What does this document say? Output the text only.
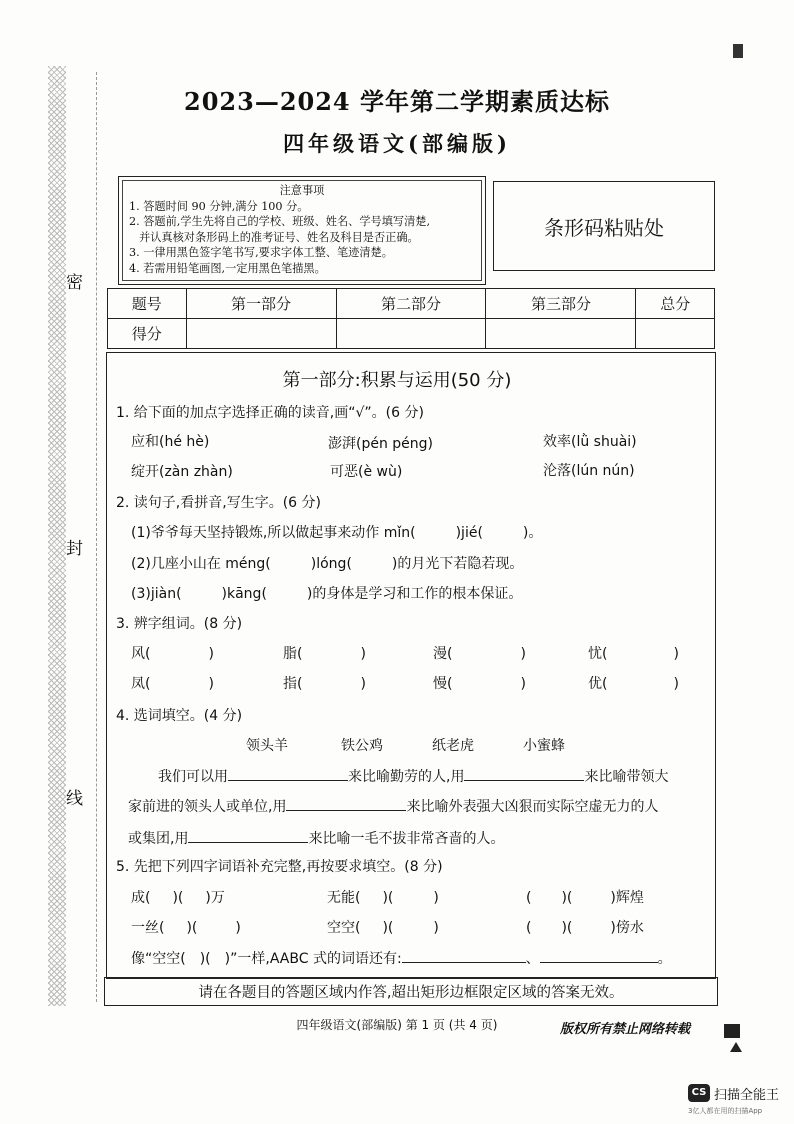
密
封
线
2023—2024 学年第二学期素质达标
四年级语文(部编版)
注意事项
1. 答题时间 90 分钟,满分 100 分。
2. 答题前,学生先将自己的学校、班级、姓名、学号填写清楚,
并认真核对条形码上的准考证号、姓名及科目是否正确。
3. 一律用黑色签字笔书写,要求字体工整、笔迹清楚。
4. 若需用铅笔画图,一定用黑色笔描黑。
条形码粘贴处
题号	第一部分	第二部分	第三部分	总分
得分				
第一部分:积累与运用(50 分)
1. 给下面的加点字选择正确的读音,画“√”。(6 分)
应和(hé hè)	澎湃(pén péng)	效率(lǜ shuài)
绽开(zàn zhàn)	可恶(è wù)	沦落(lún nún)
2. 读句子,看拼音,写生字。(6 分)
(1)爷爷每天坚持锻炼,所以做起事来动作 mǐn(	)jié(	)。
(2)几座小山在 méng(	)lóng(	)的月光下若隐若现。
(3)jiàn(	)kāng(	)的身体是学习和工作的根本保证。
3. 辨字组词。(8 分)
风(	)	脂(	)	漫(	)	忧(	)
凤(	)	指(	)	慢(	)	优(	)
4. 选词填空。(4 分)
领头羊	铁公鸡	纸老虎	小蜜蜂
我们可以用	来比喻勤劳的人,用	来比喻带领大
家前进的领头人或单位,用	来比喻外表强大凶狠而实际空虚无力的人
或集团,用	来比喻一毛不拔非常吝啬的人。
5. 先把下列四字词语补充完整,再按要求填空。(8 分)
成( )( )万	无能( )(	)	( )(	)辉煌
一丝( )(	)	空空( )(	)	( )(	)傍水
像“空空( )( )”一样,AABC 式的词语还有:	、	。
请在各题目的答题区域内作答,超出矩形边框限定区域的答案无效。
四年级语文(部编版) 第 1 页 (共 4 页)	版权所有禁止网络转载
CS 扫描全能王
3亿人都在用的扫描App
